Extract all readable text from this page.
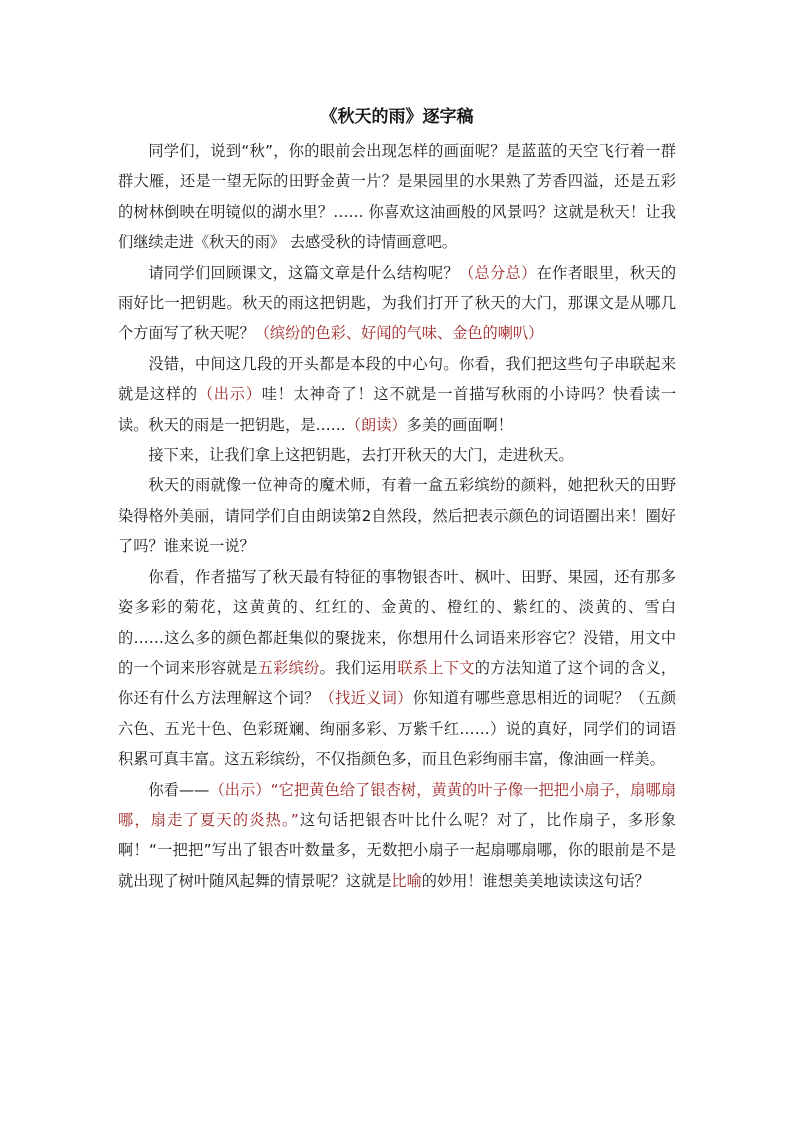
《秋天的雨》逐字稿

同学们，说到“秋”，你的眼前会出现怎样的画面呢？是蓝蓝的天空飞行着一群群大雁，还是一望无际的田野金黄一片？是果园里的水果熟了芳香四溢，还是五彩的树林倒映在明镜似的湖水里？…… 你喜欢这油画般的风景吗？这就是秋天！让我们继续走进《秋天的雨》 去感受秋的诗情画意吧。

请同学们回顾课文，这篇文章是什么结构呢？（总分总）在作者眼里，秋天的雨好比一把钥匙。秋天的雨这把钥匙，为我们打开了秋天的大门，那课文是从哪几个方面写了秋天呢？（缤纷的色彩、好闻的气味、金色的喇叭）

没错，中间这几段的开头都是本段的中心句。你看，我们把这些句子串联起来就是这样的（出示）哇！太神奇了！这不就是一首描写秋雨的小诗吗？快看读一读。秋天的雨是一把钥匙，是……（朗读）多美的画面啊！

接下来，让我们拿上这把钥匙，去打开秋天的大门，走进秋天。

秋天的雨就像一位神奇的魔术师，有着一盒五彩缤纷的颜料，她把秋天的田野染得格外美丽，请同学们自由朗读第2自然段，然后把表示颜色的词语圈出来！圈好了吗？谁来说一说？

你看，作者描写了秋天最有特征的事物银杏叶、枫叶、田野、果园，还有那多姿多彩的菊花，这黄黄的、红红的、金黄的、橙红的、紫红的、淡黄的、雪白的……这么多的颜色都赶集似的聚拢来，你想用什么词语来形容它？没错，用文中的一个词来形容就是五彩缤纷。我们运用联系上下文的方法知道了这个词的含义，你还有什么方法理解这个词？（找近义词）你知道有哪些意思相近的词呢？（五颜六色、五光十色、色彩斑斓、绚丽多彩、万紫千红……）说的真好，同学们的词语积累可真丰富。这五彩缤纷，不仅指颜色多，而且色彩绚丽丰富，像油画一样美。

你看——（出示）“它把黄色给了银杏树，黄黄的叶子像一把把小扇子，扇哪扇哪，扇走了夏天的炎热。”这句话把银杏叶比什么呢？对了，比作扇子，多形象啊！“一把把”写出了银杏叶数量多，无数把小扇子一起扇哪扇哪，你的眼前是不是就出现了树叶随风起舞的情景呢？这就是比喻的妙用！谁想美美地读读这句话？
